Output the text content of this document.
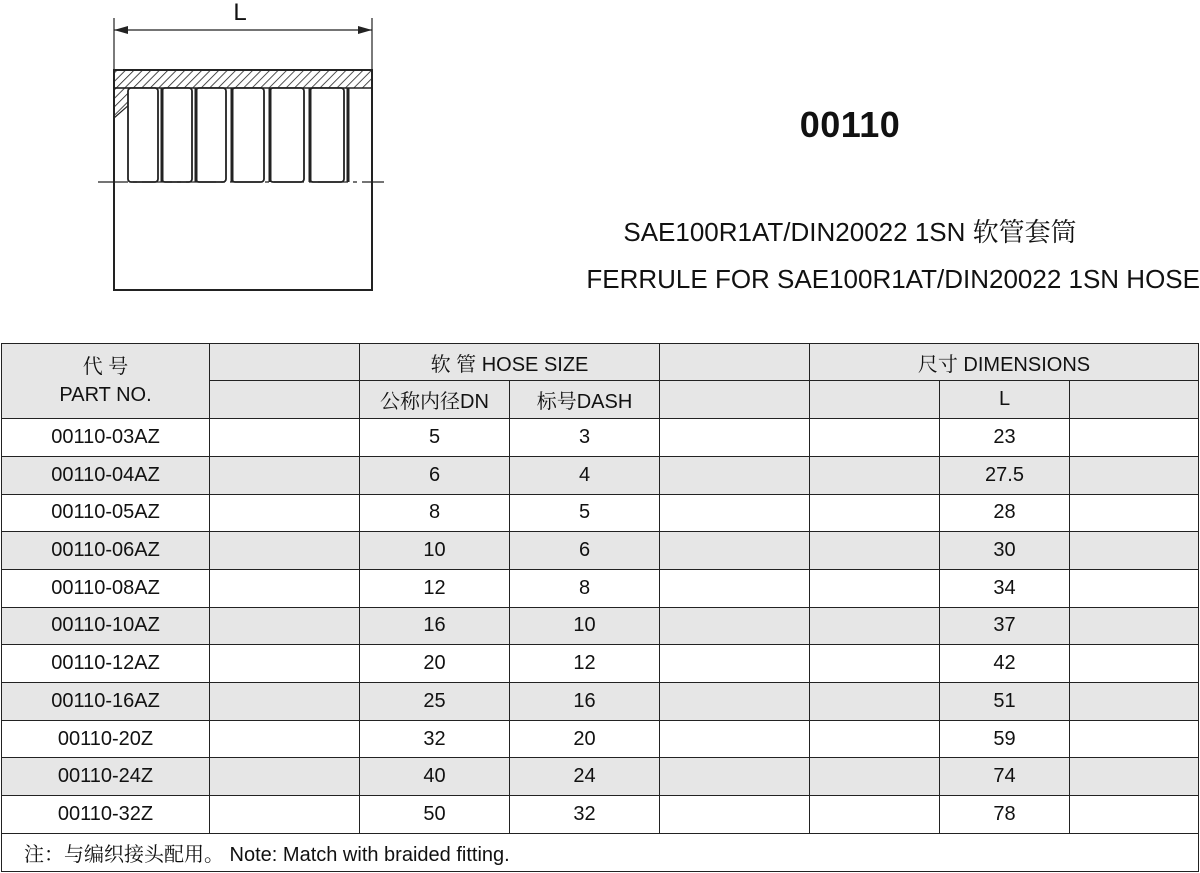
L
00110
SAE100R1AT/DIN20022 1SN 软管套筒
FERRULE FOR SAE100R1AT/DIN20022 1SN HOSE
代 号
PART NO.		软 管 HOSE SIZE			尺寸 DIMENSIONS		
		公称内径DN	标号DASH			L	
00110-03AZ		5	3			23	
00110-04AZ		6	4			27.5	
00110-05AZ		8	5			28	
00110-06AZ		10	6			30	
00110-08AZ		12	8			34	
00110-10AZ		16	10			37	
00110-12AZ		20	12			42	
00110-16AZ		25	16			51	
00110-20Z		32	20			59	
00110-24Z		40	24			74	
00110-32Z		50	32			78	
注：与编织接头配用。 Note: Match with braided fitting.							
